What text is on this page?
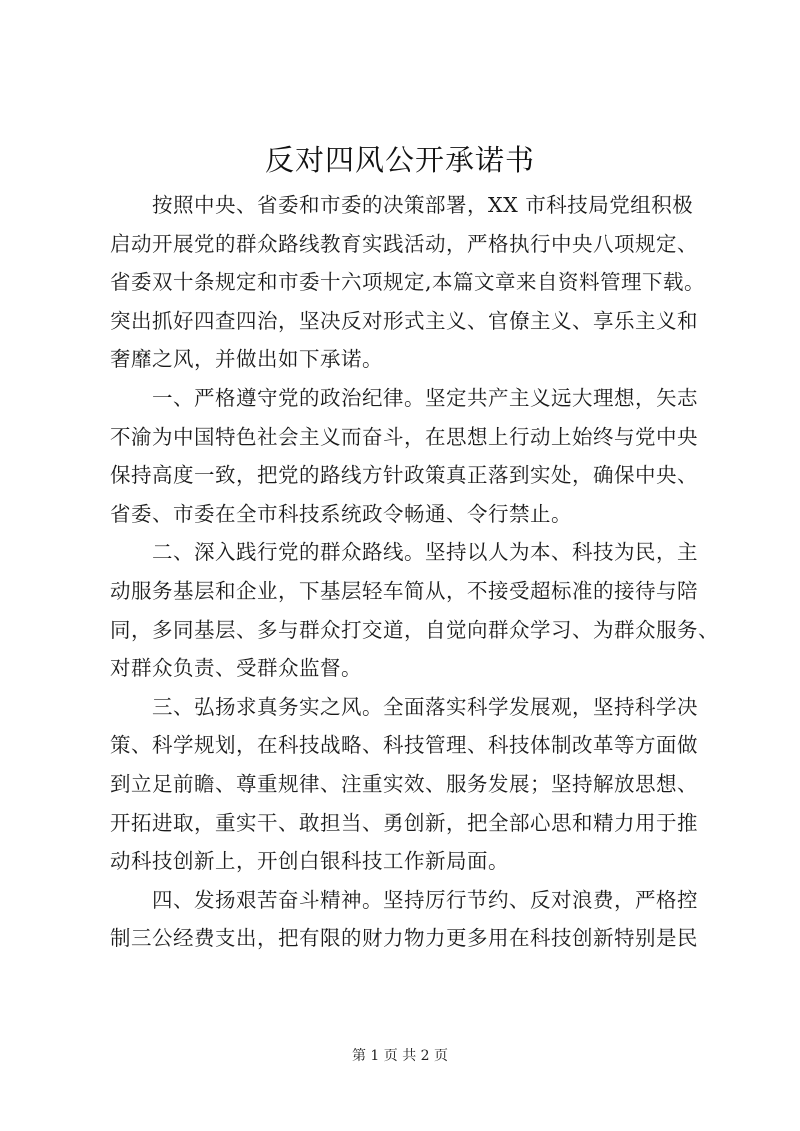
反对四风公开承诺书
　　按照中央、省委和市委的决策部署，XX 市科技局党组积极
启动开展党的群众路线教育实践活动，严格执行中央八项规定、
省委双十条规定和市委十六项规定,本篇文章来自资料管理下载。
突出抓好四查四治，坚决反对形式主义、官僚主义、享乐主义和
奢靡之风，并做出如下承诺。
　　一、严格遵守党的政治纪律。坚定共产主义远大理想，矢志
不渝为中国特色社会主义而奋斗，在思想上行动上始终与党中央
保持高度一致，把党的路线方针政策真正落到实处，确保中央、
省委、市委在全市科技系统政令畅通、令行禁止。
　　二、深入践行党的群众路线。坚持以人为本、科技为民，主
动服务基层和企业，下基层轻车简从，不接受超标准的接待与陪
同，多同基层、多与群众打交道，自觉向群众学习、为群众服务、
对群众负责、受群众监督。
　　三、弘扬求真务实之风。全面落实科学发展观，坚持科学决
策、科学规划，在科技战略、科技管理、科技体制改革等方面做
到立足前瞻、尊重规律、注重实效、服务发展；坚持解放思想、
开拓进取，重实干、敢担当、勇创新，把全部心思和精力用于推
动科技创新上，开创白银科技工作新局面。
　　四、发扬艰苦奋斗精神。坚持厉行节约、反对浪费，严格控
制三公经费支出，把有限的财力物力更多用在科技创新特别是民
第 1 页 共 2 页
